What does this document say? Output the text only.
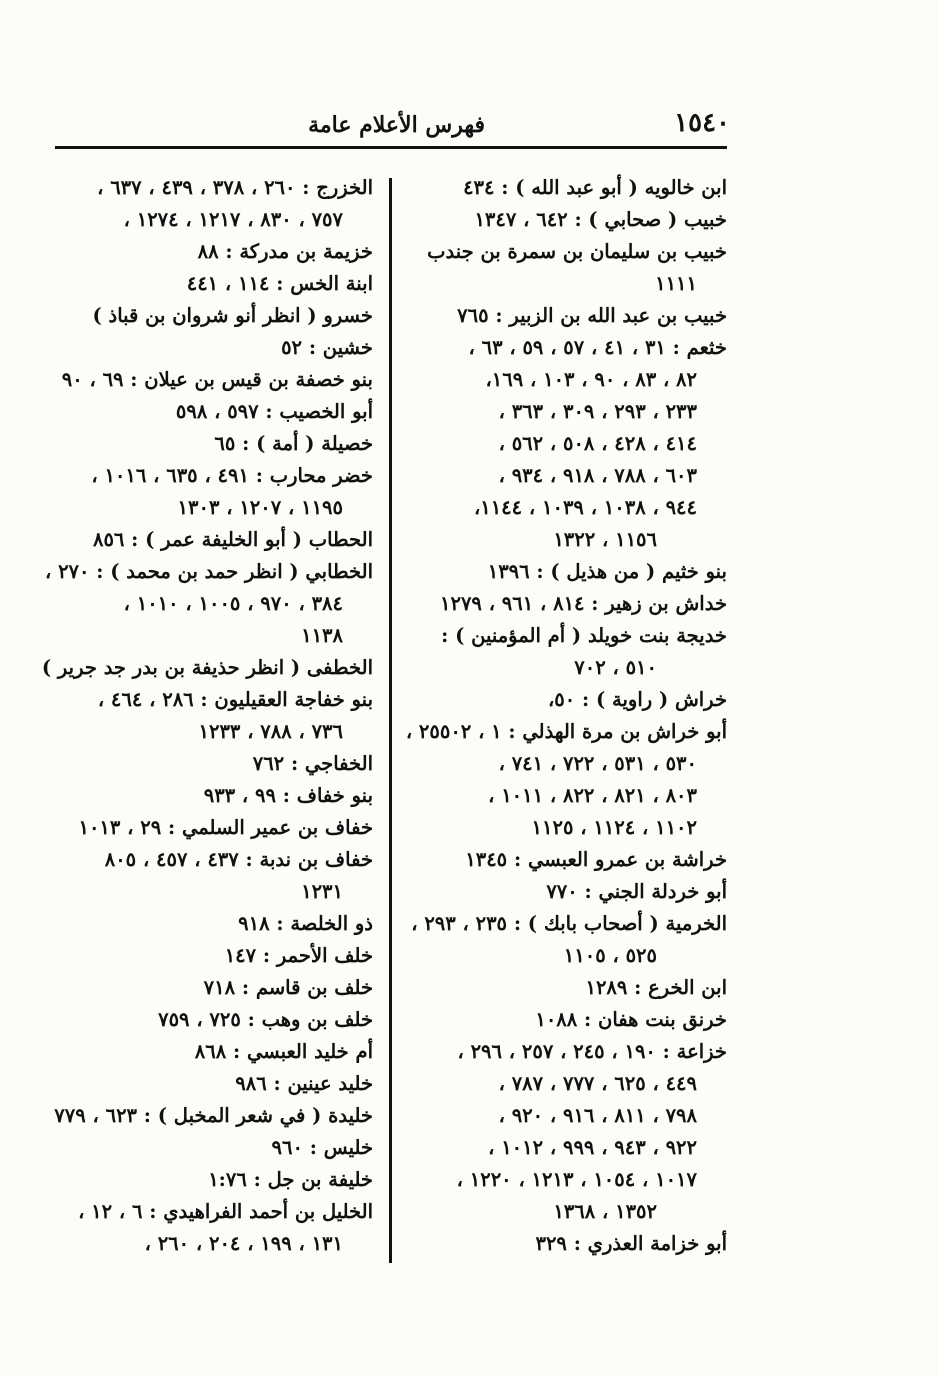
١٥٤٠
فهرس الأعلام عامة
ابن خالويه ( أبو عبد الله ) : ٤٣٤
خبيب ( صحابي ) : ٦٤٢ ، ١٣٤٧
خبيب بن سليمان بن سمرة بن جندب
١١١١
خبيب بن عبد الله بن الزبير : ٧٦٥
خثعم : ٣١ ، ٤١ ، ٥٧ ، ٥٩ ، ٦٣ ،
٨٢ ، ٨٣ ، ٩٠ ، ١٠٣ ، ١٦٩،
٢٣٣ ، ٢٩٣ ، ٣٠٩ ، ٣٦٣ ،
٤١٤ ، ٤٢٨ ، ٥٠٨ ، ٥٦٢ ،
٦٠٣ ، ٧٨٨ ، ٩١٨ ، ٩٣٤ ،
٩٤٤ ، ١٠٣٨ ، ١٠٣٩ ، ١١٤٤،
١١٥٦ ، ١٣٢٢
بنو خثيم ( من هذيل ) : ١٣٩٦
خداش بن زهير : ٨١٤ ، ٩٦١ ، ١٢٧٩
خديجة بنت خويلد ( أم المؤمنين ) :
٥١٠ ، ٧٠٢
خراش ( راوية ) : ٥٠،
أبو خراش بن مرة الهذلي : ١ ، ٢٥٥٠٢ ،
٥٣٠ ، ٥٣١ ، ٧٢٢ ، ٧٤١ ،
٨٠٣ ، ٨٢١ ، ٨٢٢ ، ١٠١١ ،
١١٠٢ ، ١١٢٤ ، ١١٢٥
خراشة بن عمرو العبسي : ١٣٤٥
أبو خردلة الجني : ٧٧٠
الخرمية ( أصحاب بابك ) : ٢٣٥ ، ٢٩٣ ،
٥٢٥ ، ١١٠٥
ابن الخرع : ١٢٨٩
خرنق بنت هفان : ١٠٨٨
خزاعة : ١٩٠ ، ٢٤٥ ، ٢٥٧ ، ٢٩٦ ،
٤٤٩ ، ٦٢٥ ، ٧٧٧ ، ٧٨٧ ،
٧٩٨ ، ٨١١ ، ٩١٦ ، ٩٢٠ ،
٩٢٢ ، ٩٤٣ ، ٩٩٩ ، ١٠١٢ ،
١٠١٧ ، ١٠٥٤ ، ١٢١٣ ، ١٢٢٠ ،
١٣٥٢ ، ١٣٦٨
أبو خزامة العذري : ٣٢٩
الخزرج : ٢٦٠ ، ٣٧٨ ، ٤٣٩ ، ٦٣٧ ،
٧٥٧ ، ٨٣٠ ، ١٢١٧ ، ١٢٧٤ ،
خزيمة بن مدركة : ٨٨
ابنة الخس : ١١٤ ، ٤٤١
خسرو ( انظر أنو شروان بن قباذ )
خشين : ٥٢
بنو خصفة بن قيس بن عيلان : ٦٩ ، ٩٠
أبو الخصيب : ٥٩٧ ، ٥٩٨
خصيلة ( أمة ) : ٦٥
خضر محارب : ٤٩١ ، ٦٣٥ ، ١٠١٦ ،
١١٩٥ ، ١٢٠٧ ، ١٣٠٣
الحطاب ( أبو الخليفة عمر ) : ٨٥٦
الخطابي ( انظر حمد بن محمد ) : ٢٧٠ ،
٣٨٤ ، ٩٧٠ ، ١٠٠٥ ، ١٠١٠ ،
١١٣٨
الخطفى ( انظر حذيفة بن بدر جد جرير )
بنو خفاجة العقيليون : ٢٨٦ ، ٤٦٤ ،
٧٣٦ ، ٧٨٨ ، ١٢٣٣
الخفاجي : ٧٦٢
بنو خفاف : ٩٩ ، ٩٣٣
خفاف بن عمير السلمي : ٢٩ ، ١٠١٣
خفاف بن ندبة : ٤٣٧ ، ٤٥٧ ، ٨٠٥
١٢٣١
ذو الخلصة : ٩١٨
خلف الأحمر : ١٤٧
خلف بن قاسم : ٧١٨
خلف بن وهب : ٧٢٥ ، ٧٥٩
أم خليد العبسي : ٨٦٨
خليد عينين : ٩٨٦
خليدة ( في شعر المخبل ) : ٦٢٣ ، ٧٧٩
خليس : ٩٦٠
خليفة بن جل : ١:٧٦
الخليل بن أحمد الفراهيدي : ٦ ، ١٢ ،
١٣١ ، ١٩٩ ، ٢٠٤ ، ٢٦٠ ،
